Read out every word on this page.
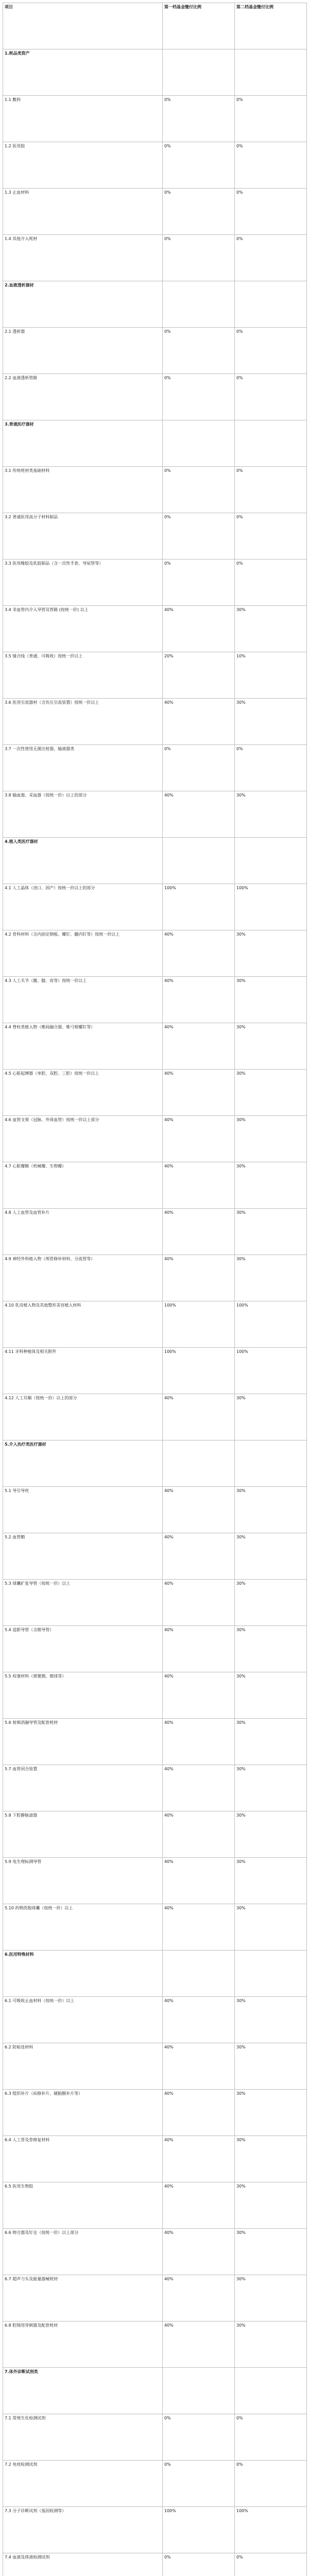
项目	第一档基金缴付比例	第二档基金缴付比例
1.耗品类资产		
1.1 敷料	0%	0%
1.2 医用胶	0%	0%
1.3 止血材料	0%	0%
1.4 其他介入耗材	0%	0%
2.血液透析器材		
2.1 透析器	0%	0%
2.2 血液透析管路	0%	0%
3.普通医疗器材		
3.1 传统耗材类基础材料	0%	0%
3.2 普通医用高分子材料制品	0%	0%
3.3 医用橡胶及乳胶制品（含一次性手套、导尿管等）	0%	0%
3.4 非血管内介入导管及管路 (按统一价) 以上	40%	30%
3.5 缝合线（普通、可吸收）按统一价以上	20%	10%
3.6 医用引流器材（含负压引流装置）按统一价以上	40%	30%
3.7 一次性使用无菌注射器、输液器类	0%	0%
3.8 输血器、采血器（按统一价）以上的部分	40%	30%
4.植入类医疗器材		
4.1 人工晶体（进口、国产）按统一价以上的部分	100%	100%
4.2 骨科材料（含内固定钢板、螺钉、髓内钉等）按统一价以上	40%	30%
4.3 人工关节（髋、膝、肩等）按统一价以上	40%	30%
4.4 脊柱类植入物（椎间融合器、椎弓根螺钉等）	40%	30%
4.5 心脏起搏器（单腔、双腔、三腔）按统一价以上	40%	30%
4.6 血管支架（冠脉、外周血管）按统一价以上部分	40%	30%
4.7 心脏瓣膜（机械瓣、生物瓣）	40%	30%
4.8 人工血管及血管补片	40%	30%
4.9 神经外科植入物（颅骨修补材料、分流管等）	40%	30%
4.10 乳房植入物及其他整形美容植入材料	100%	100%
4.11 牙科种植体及相关附件	100%	100%
4.12 人工耳蜗（按统一价）以上的部分	40%	30%
5.介入治疗类医疗器材		
5.1 导引导丝	40%	30%
5.2 血管鞘	40%	30%
5.3 球囊扩张导管（按统一价）以上	40%	30%
5.4 造影导管（含微导管）	40%	30%
5.5 栓塞材料（弹簧圈、微球等）	40%	30%
5.6 射频消融导管及配套耗材	40%	30%
5.7 血管闭合装置	40%	30%
5.8 下腔静脉滤器	40%	30%
5.9 电生理标测导管	40%	30%
5.10 药物洗脱球囊（按统一价）以上	40%	30%
6.医用特殊材料		
6.1 可吸收止血材料（按统一价）以上	40%	30%
6.2 防粘连材料	40%	30%
6.3 组织补片（疝修补片、硬脑膜补片等）	40%	30%
6.4 人工骨及骨修复材料	40%	30%
6.5 医用生物胶	40%	30%
6.6 吻合器及钉仓（按统一价）以上部分	40%	30%
6.7 超声刀头及能量器械耗材	40%	30%
6.8 腔镜用穿刺器及配套耗材	40%	30%
7.体外诊断试剂类		
7.1 常规生化检测试剂	0%	0%
7.2 免疫检测试剂	0%	0%
7.3 分子诊断试剂（基因检测等）	100%	100%
7.4 血液及体液检测试剂	0%	0%
